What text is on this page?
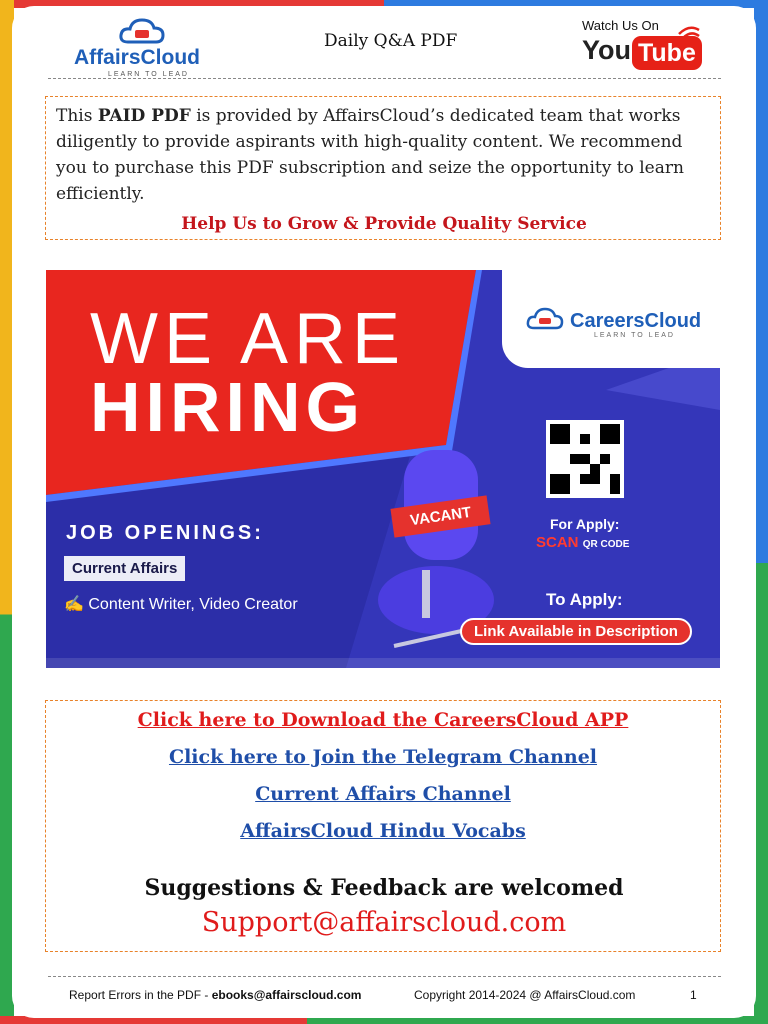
AffairsCloud
LEARN TO LEAD
Daily Q&A PDF
Watch Us On
You Tube

This PAID PDF is provided by AffairsCloud’s dedicated team that works diligently to provide aspirants with high-quality content. We recommend you to purchase this PDF subscription and seize the opportunity to learn efficiently.

Help Us to Grow & Provide Quality Service
WE ARE
HIRING
CareersCloud
LEARN TO LEAD
JOB OPENINGS:
Current Affairs
✍ Content Writer, Video Creator
VACANT	For Apply:
SCAN QR CODE
To Apply:
Link Available in Description
Click here to Download the CareersCloud APP
Click here to Join the Telegram Channel
Current Affairs Channel
AffairsCloud Hindu Vocabs
Suggestions & Feedback are welcomed
Support@affairscloud.com
Report Errors in the PDF - ebooks@affairscloud.com	Copyright 2014-2024 @ AffairsCloud.com	1
